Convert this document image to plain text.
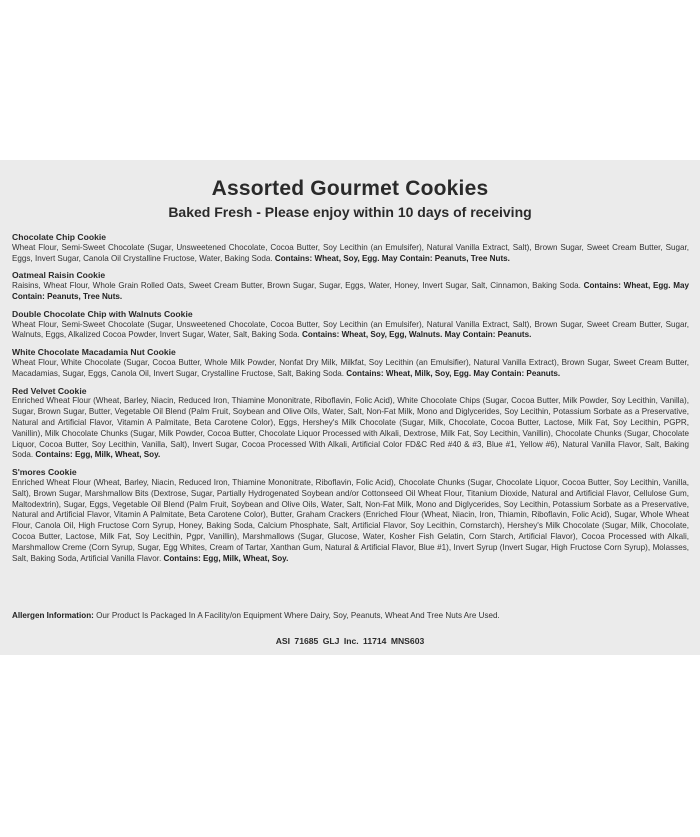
Assorted Gourmet Cookies
Baked Fresh - Please enjoy within 10 days of receiving
Chocolate Chip Cookie
Wheat Flour, Semi-Sweet Chocolate (Sugar, Unsweetened Chocolate, Cocoa Butter, Soy Lecithin (an Emulsifer), Natural Vanilla Extract, Salt), Brown Sugar, Sweet Cream Butter, Sugar, Eggs, Invert Sugar, Canola Oil Crystalline Fructose, Water, Baking Soda. Contains: Wheat, Soy, Egg. May Contain: Peanuts, Tree Nuts.
Oatmeal Raisin Cookie
Raisins, Wheat Flour, Whole Grain Rolled Oats, Sweet Cream Butter, Brown Sugar, Sugar, Eggs, Water, Honey, Invert Sugar, Salt, Cinnamon, Baking Soda. Contains: Wheat, Egg. May Contain: Peanuts, Tree Nuts.
Double Chocolate Chip with Walnuts Cookie
Wheat Flour, Semi-Sweet Chocolate (Sugar, Unsweetened Chocolate, Cocoa Butter, Soy Lecithin (an Emulsifer), Natural Vanilla Extract, Salt), Brown Sugar, Sweet Cream Butter, Sugar, Walnuts, Eggs, Alkalized Cocoa Powder, Invert Sugar, Water, Salt, Baking Soda. Contains: Wheat, Soy, Egg, Walnuts. May Contain: Peanuts.
White Chocolate Macadamia Nut Cookie
Wheat Flour, White Chocolate (Sugar, Cocoa Butter, Whole Milk Powder, Nonfat Dry Milk, Milkfat, Soy Lecithin (an Emulsifier), Natural Vanilla Extract), Brown Sugar, Sweet Cream Butter, Macadamias, Sugar, Eggs, Canola Oil, Invert Sugar, Crystalline Fructose, Salt, Baking Soda. Contains: Wheat, Milk, Soy, Egg. May Contain: Peanuts.
Red Velvet Cookie
Enriched Wheat Flour (Wheat, Barley, Niacin, Reduced Iron, Thiamine Mononitrate, Riboflavin, Folic Acid), White Chocolate Chips (Sugar, Cocoa Butter, Milk Powder, Soy Lecithin, Vanilla), Sugar, Brown Sugar, Butter, Vegetable Oil Blend (Palm Fruit, Soybean and Olive Oils, Water, Salt, Non-Fat Milk, Mono and Diglycerides, Soy Lecithin, Potassium Sorbate as a Preservative, Natural and Artificial Flavor, Vitamin A Palmitate, Beta Carotene Color), Eggs, Hershey's Milk Chocolate (Sugar, Milk, Chocolate, Cocoa Butter, Lactose, Milk Fat, Soy Lecithin, PGPR, Vanillin), Milk Chocolate Chunks (Sugar, Milk Powder, Cocoa Butter, Chocolate Liquor Processed with Alkali, Dextrose, Milk Fat, Soy Lecithin, Vanillin), Chocolate Chunks (Sugar, Chocolate Liquor, Cocoa Butter, Soy Lecithin, Vanilla, Salt), Invert Sugar, Cocoa Processed With Alkali, Artificial Color FD&C Red #40 & #3, Blue #1, Yellow #6), Natural Vanilla Flavor, Salt, Baking Soda. Contains: Egg, Milk, Wheat, Soy.
S'mores Cookie
Enriched Wheat Flour (Wheat, Barley, Niacin, Reduced Iron, Thiamine Mononitrate, Riboflavin, Folic Acid), Chocolate Chunks (Sugar, Chocolate Liquor, Cocoa Butter, Soy Lecithin, Vanilla, Salt), Brown Sugar, Marshmallow Bits (Dextrose, Sugar, Partially Hydrogenated Soybean and/or Cottonseed Oil Wheat Flour, Titanium Dioxide, Natural and Artificial Flavor, Cellulose Gum, Maltodextrin), Sugar, Eggs, Vegetable Oil Blend (Palm Fruit, Soybean and Olive Oils, Water, Salt, Non-Fat Milk, Mono and Diglycerides, Soy Lecithin, Potassium Sorbate as a Preservative, Natural and Artificial Flavor, Vitamin A Palmitate, Beta Carotene Color), Butter, Graham Crackers (Enriched Flour (Wheat, Niacin, Iron, Thiamin, Riboflavin, Folic Acid), Sugar, Whole Wheat Flour, Canola Oil, High Fructose Corn Syrup, Honey, Baking Soda, Calcium Phosphate, Salt, Artificial Flavor, Soy Lecithin, Cornstarch), Hershey's Milk Chocolate (Sugar, Milk, Chocolate, Cocoa Butter, Lactose, Milk Fat, Soy Lecithin, Pgpr, Vanillin), Marshmallows (Sugar, Glucose, Water, Kosher Fish Gelatin, Corn Starch, Artificial Flavor), Cocoa Processed with Alkali, Marshmallow Creme (Corn Syrup, Sugar, Egg Whites, Cream of Tartar, Xanthan Gum, Natural & Artificial Flavor, Blue #1), Invert Syrup (Invert Sugar, High Fructose Corn Syrup), Molasses, Salt, Baking Soda, Artificial Vanilla Flavor. Contains: Egg, Milk, Wheat, Soy.
Allergen Information: Our Product Is Packaged In A Facility/on Equipment Where Dairy, Soy, Peanuts, Wheat And Tree Nuts Are Used.
ASI 71685 GLJ Inc. 11714 MNS603
